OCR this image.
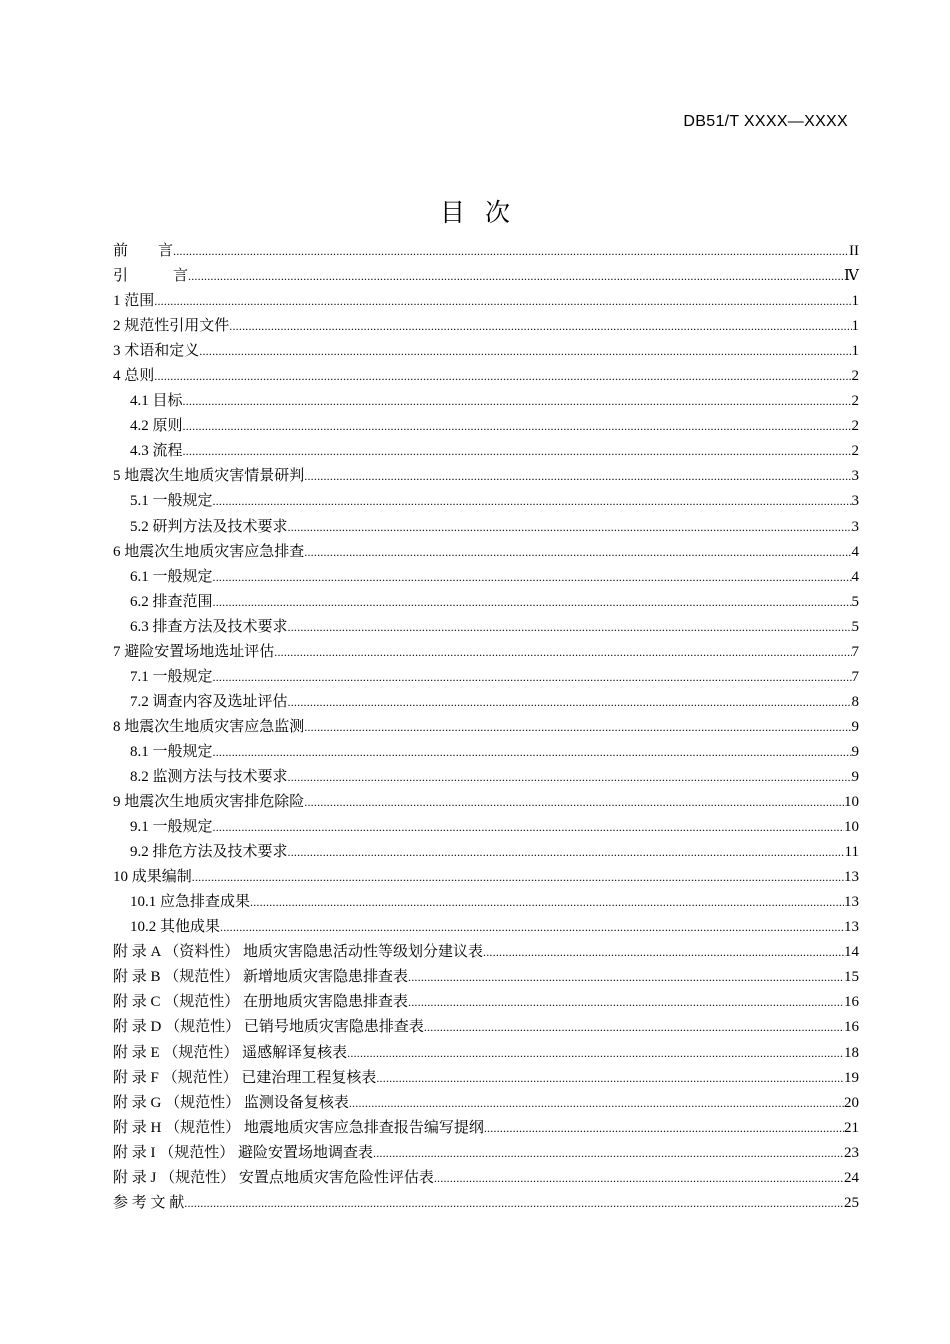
DB51/T XXXX—XXXX
目次
前　　言 .....	II
引　　　言 .....	Ⅳ
1 范围 .....	1
2 规范性引用文件 .....	1
3 术语和定义 .....	1
4 总则 .....	2
4.1 目标 .....	2
4.2 原则 .....	2
4.3 流程 .....	2
5 地震次生地质灾害情景研判 .....	3
5.1 一般规定 .....	3
5.2 研判方法及技术要求 .....	3
6 地震次生地质灾害应急排查 .....	4
6.1 一般规定 .....	4
6.2 排查范围 .....	5
6.3 排查方法及技术要求 .....	5
7 避险安置场地选址评估 .....	7
7.1 一般规定 .....	7
7.2 调查内容及选址评估 .....	8
8 地震次生地质灾害应急监测 .....	9
8.1 一般规定 .....	9
8.2 监测方法与技术要求 .....	9
9 地震次生地质灾害排危除险 .....	10
9.1 一般规定 .....	10
9.2 排危方法及技术要求 .....	11
10 成果编制 .....	13
10.1 应急排查成果 .....	13
10.2 其他成果 .....	13
附 录 A （资料性） 地质灾害隐患活动性等级划分建议表 .....	14
附 录 B （规范性） 新增地质灾害隐患排查表 .....	15
附 录 C （规范性） 在册地质灾害隐患排查表 .....	16
附 录 D （规范性） 已销号地质灾害隐患排查表 .....	16
附 录 E （规范性） 遥感解译复核表 .....	18
附 录 F （规范性） 已建治理工程复核表 .....	19
附 录 G （规范性） 监测设备复核表 .....	20
附 录 H （规范性） 地震地质灾害应急排查报告编写提纲 .....	21
附 录 I （规范性） 避险安置场地调查表 .....	23
附 录 J （规范性） 安置点地质灾害危险性评估表 .....	24
参 考 文 献 .....	25
